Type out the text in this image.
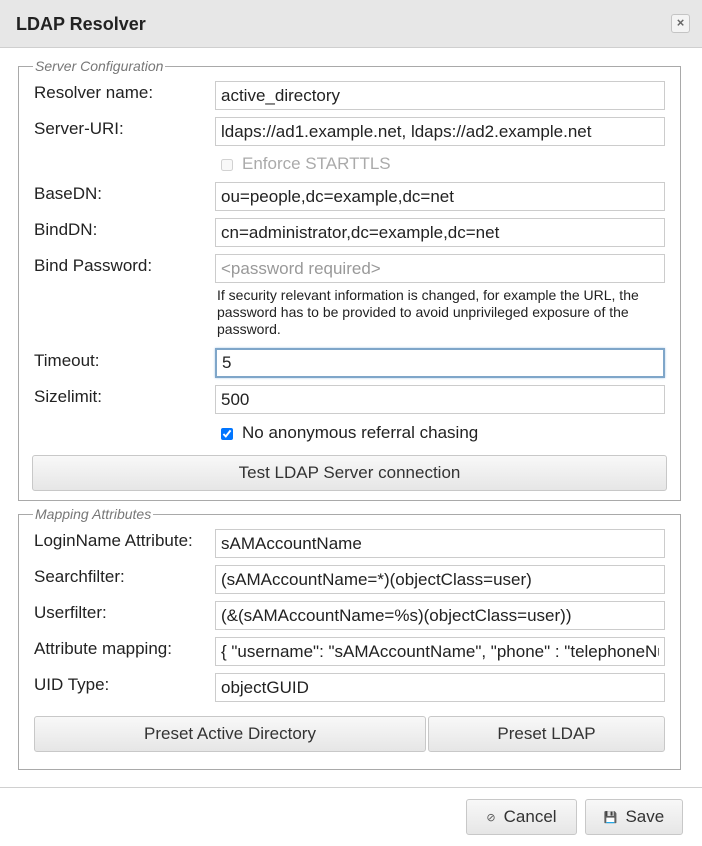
LDAP Resolver	×
Server Configuration
Resolver name:
active_directory
Server-URI:
ldaps://ad1.example.net, ldaps://ad2.example.net
Enforce STARTTLS
BaseDN:
ou=people,dc=example,dc=net
BindDN:
cn=administrator,dc=example,dc=net
Bind Password:
If security relevant information is changed, for example the URL, the password has to be provided to avoid unprivileged exposure of the password.
Timeout:
5
Sizelimit:
500
No anonymous referral chasing
Test LDAP Server connection
Mapping Attributes
LoginName Attribute:
sAMAccountName
Searchfilter:
(sAMAccountName=*)(objectClass=user)
Userfilter:
(&(sAMAccountName=%s)(objectClass=user))
Attribute mapping:
{ "username": "sAMAccountName", "phone" : "telephoneNumber" }
UID Type:
objectGUID
Preset Active Directory	Preset LDAP
⊘ Cancel	💾 Save
